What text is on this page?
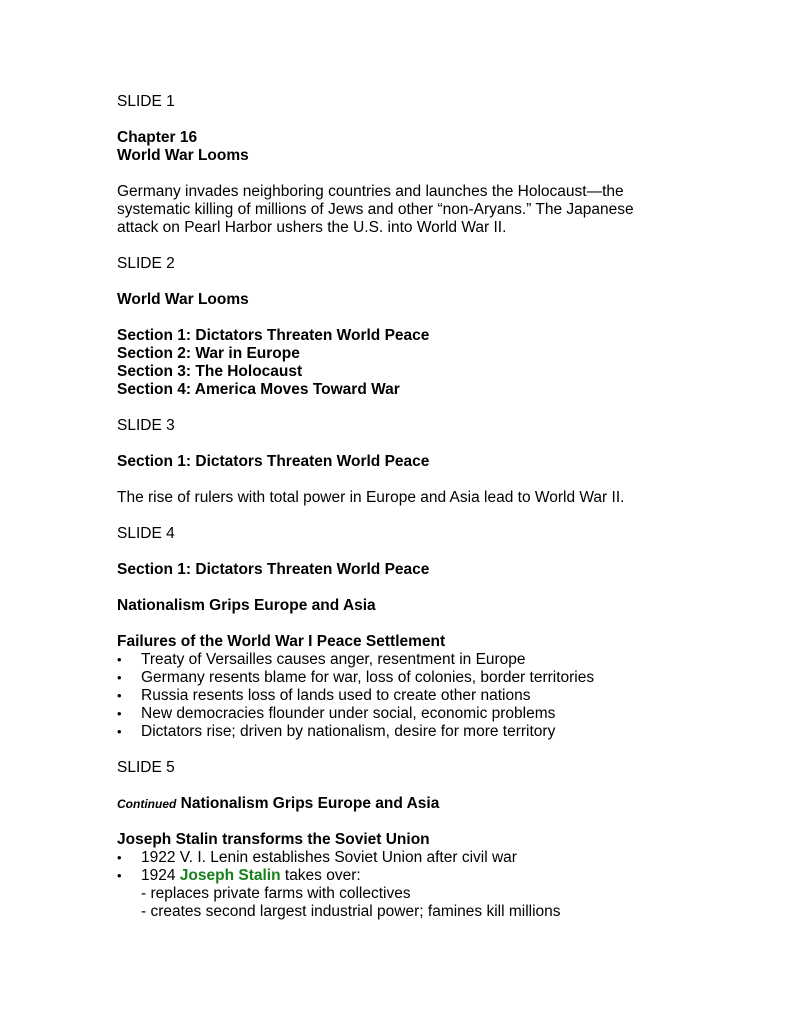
SLIDE 1

Chapter 16

World War Looms

Germany invades neighboring countries and launches the Holocaust—the

systematic killing of millions of Jews and other “non-Aryans.” The Japanese

attack on Pearl Harbor ushers the U.S. into World War II.

SLIDE 2

World War Looms

Section 1: Dictators Threaten World Peace

Section 2: War in Europe

Section 3: The Holocaust

Section 4: America Moves Toward War

SLIDE 3

Section 1: Dictators Threaten World Peace

The rise of rulers with total power in Europe and Asia lead to World War II.

SLIDE 4

Section 1: Dictators Threaten World Peace

Nationalism Grips Europe and Asia

Failures of the World War I Peace Settlement

•	Treaty of Versailles causes anger, resentment in Europe
•	Germany resents blame for war, loss of colonies, border territories
•	Russia resents loss of lands used to create other nations
•	New democracies flounder under social, economic problems
•	Dictators rise; driven by nationalism, desire for more territory

SLIDE 5

Continued Nationalism Grips Europe and Asia

Joseph Stalin transforms the Soviet Union

•	1922 V. I. Lenin establishes Soviet Union after civil war
•	1924 Joseph Stalin takes over:

- replaces private farms with collectives

- creates second largest industrial power; famines kill millions
